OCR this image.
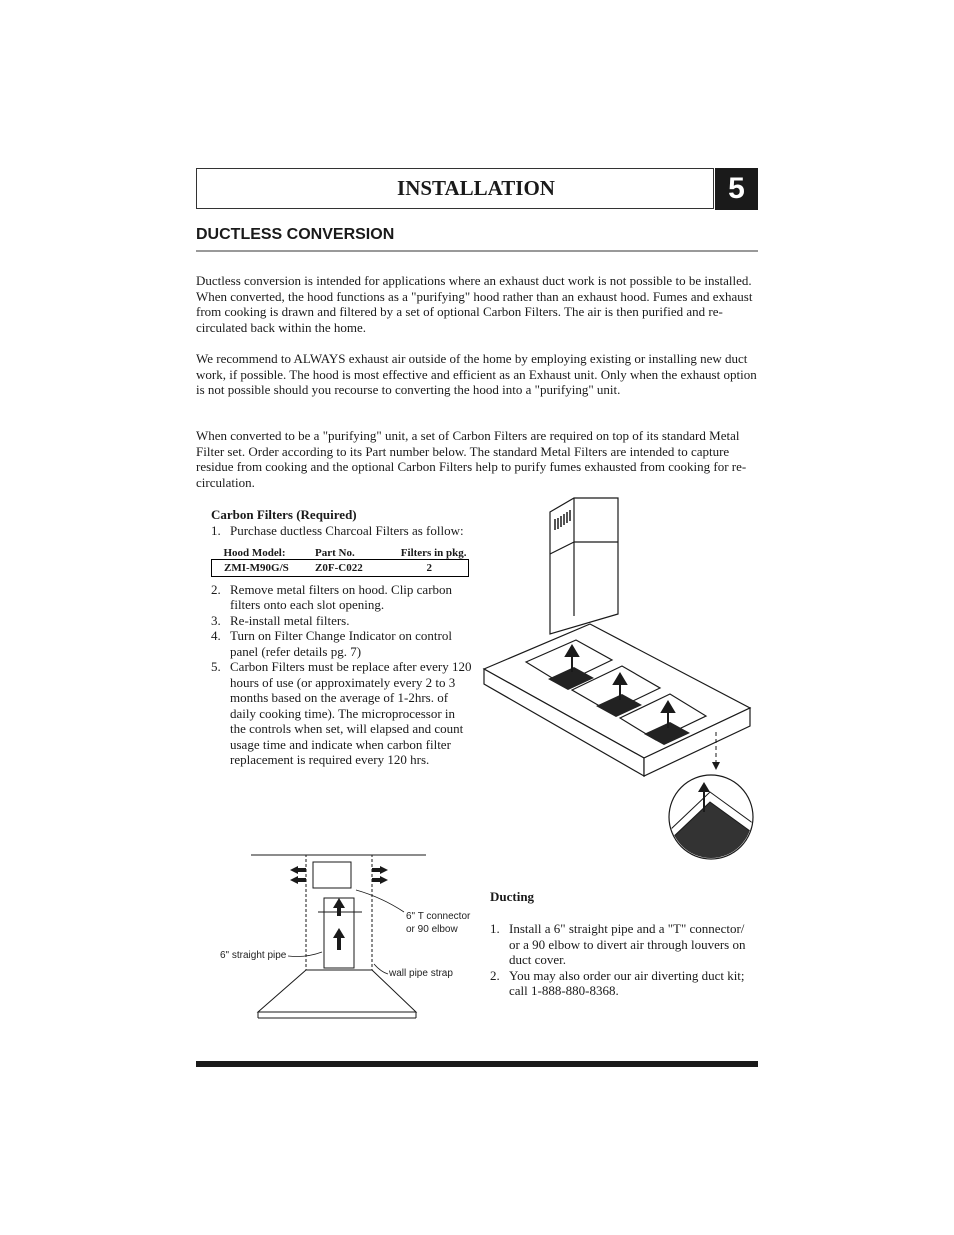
INSTALLATION	5
DUCTLESS CONVERSION
Ductless conversion is intended for applications where an exhaust duct work is not possible to be installed. When converted, the hood functions as a "purifying" hood rather than an exhaust hood. Fumes and exhaust from cooking is drawn and filtered by a set of optional Carbon Filters. The air is then purified and re-circulated back within the home.
We recommend to ALWAYS exhaust air outside of the home by employing existing or installing new duct work, if possible. The hood is most effective and efficient as an Exhaust unit. Only when the exhaust option is not possible should you recourse to converting the hood into a "purifying" unit.
When converted to be a "purifying" unit, a set of Carbon Filters are required on top of its standard Metal Filter set. Order according to its Part number below. The standard Metal Filters are intended to capture residue from cooking and the optional Carbon Filters help to purify fumes exhausted from cooking for re-circulation.
Carbon Filters (Required)
1. Purchase ductless Charcoal Filters as follow:
Hood Model:	Part No.	Filters in pkg.
ZMI-M90G/S	Z0F-C022	2
2. Remove metal filters on hood. Clip carbon filters onto each slot opening.
3. Re-install metal filters.
4. Turn on Filter Change Indicator on control panel (refer details pg. 7)
5. Carbon Filters must be replace after every 120 hours of use (or approximately every 2 to 3 months based on the average of 1-2hrs. of daily cooking time). The microprocessor in the controls when set, will elapsed and count usage time and indicate when carbon filter replacement is required every 120 hrs.
6" T connector
or 90 elbow
6" straight pipe
wall pipe strap
Ducting
1. Install a 6" straight pipe and a "T" connector/ or a 90 elbow to divert air through louvers on duct cover.
2. You may also order our air diverting duct kit; call 1-888-880-8368.
